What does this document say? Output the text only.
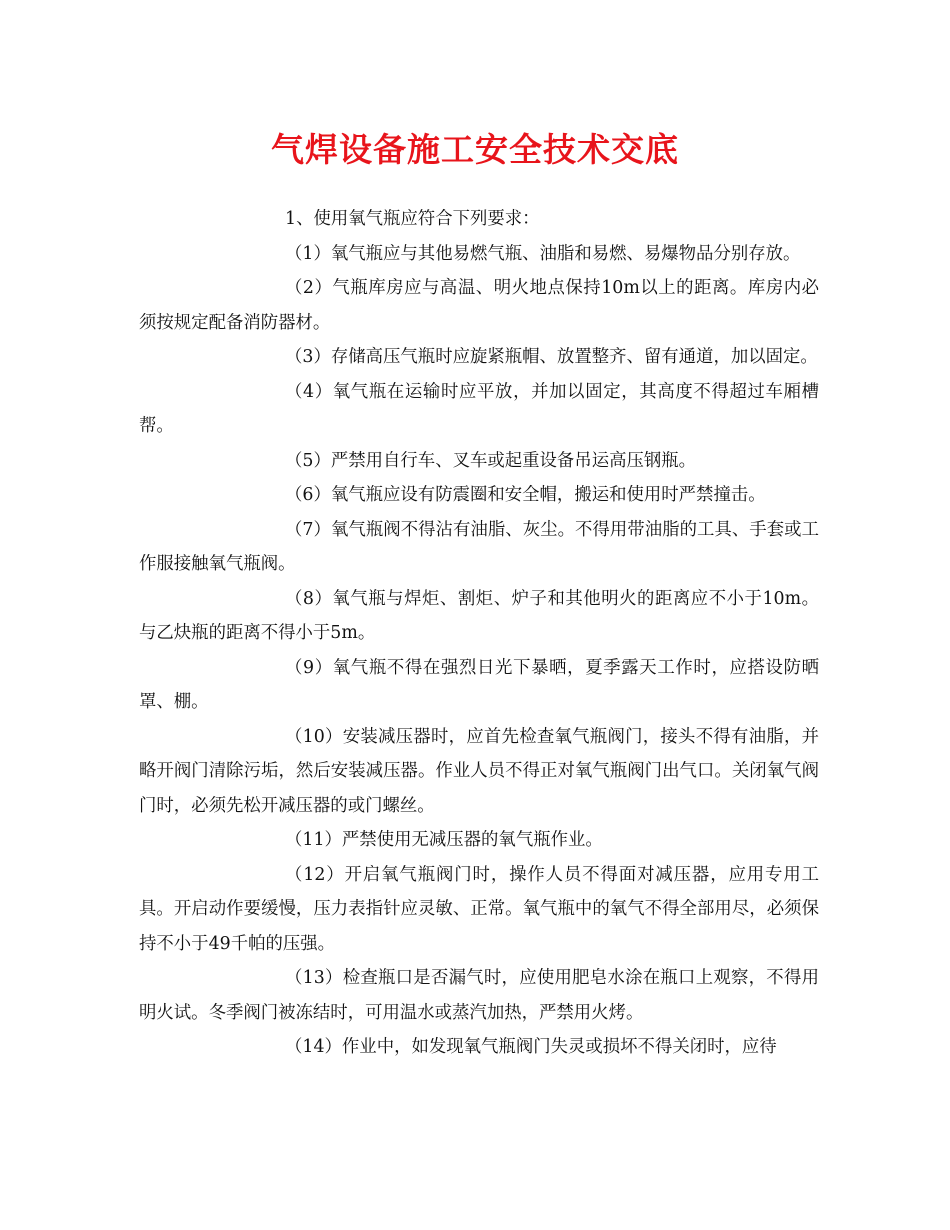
气焊设备施工安全技术交底

1、使用氧气瓶应符合下列要求：

（1）氧气瓶应与其他易燃气瓶、油脂和易燃、易爆物品分别存放。

（2）气瓶库房应与高温、明火地点保持10m以上的距离。库房内必须按规定配备消防器材。

（3）存储高压气瓶时应旋紧瓶帽、放置整齐、留有通道，加以固定。

（4）氧气瓶在运输时应平放，并加以固定，其高度不得超过车厢槽帮。

（5）严禁用自行车、叉车或起重设备吊运高压钢瓶。

（6）氧气瓶应设有防震圈和安全帽，搬运和使用时严禁撞击。

（7）氧气瓶阀不得沾有油脂、灰尘。不得用带油脂的工具、手套或工作服接触氧气瓶阀。

（8）氧气瓶与焊炬、割炬、炉子和其他明火的距离应不小于10m。与乙炔瓶的距离不得小于5m。

（9）氧气瓶不得在强烈日光下暴晒，夏季露天工作时，应搭设防晒罩、棚。

（10）安装减压器时，应首先检查氧气瓶阀门，接头不得有油脂，并略开阀门清除污垢，然后安装减压器。作业人员不得正对氧气瓶阀门出气口。关闭氧气阀门时，必须先松开减压器的或门螺丝。

（11）严禁使用无减压器的氧气瓶作业。

（12）开启氧气瓶阀门时，操作人员不得面对减压器，应用专用工具。开启动作要缓慢，压力表指针应灵敏、正常。氧气瓶中的氧气不得全部用尽，必须保持不小于49千帕的压强。

（13）检查瓶口是否漏气时，应使用肥皂水涂在瓶口上观察，不得用明火试。冬季阀门被冻结时，可用温水或蒸汽加热，严禁用火烤。

（14）作业中，如发现氧气瓶阀门失灵或损坏不得关闭时，应待
